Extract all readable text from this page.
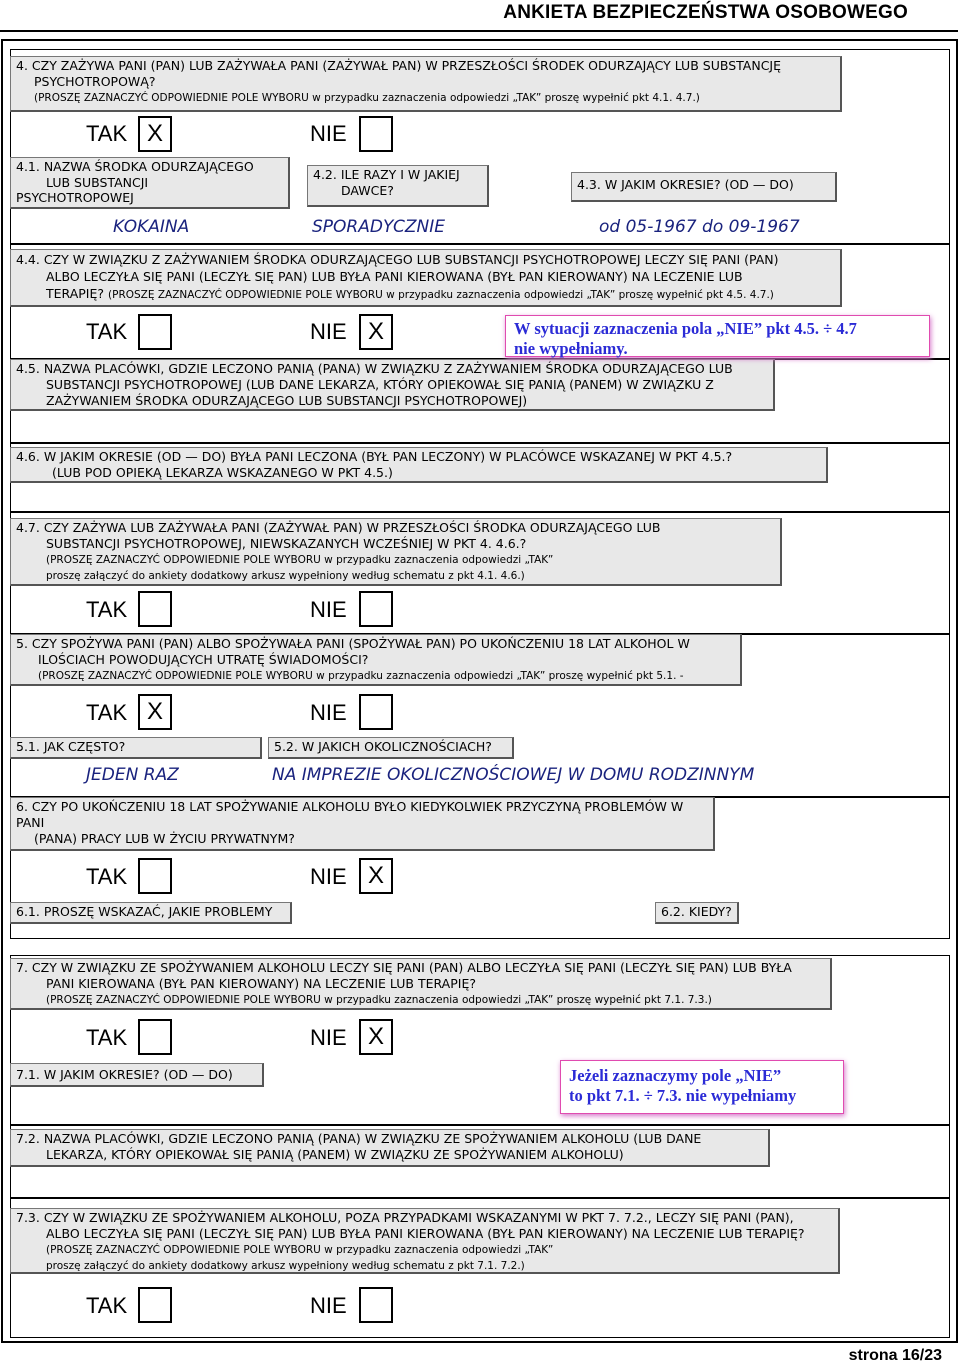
ANKIETA BEZPIECZEŃSTWA OSOBOWEGO
4. CZY ZAŻYWA PANI (PAN) LUB ZAŻYWAŁA PANI (ZAŻYWAŁ PAN) W PRZESZŁOŚCI ŚRODEK ODURZAJĄCY LUB SUBSTANCJĘ
PSYCHOTROPOWĄ?
(PROSZĘ ZAZNACZYĆ ODPOWIEDNIE POLE WYBORU w przypadku zaznaczenia odpowiedzi „TAK” proszę wypełnić pkt 4.1. 4.7.)
TAK X	NIE
4.1. NAZWA ŚRODKA ODURZAJĄCEGO
LUB SUBSTANCJI
PSYCHOTROPOWEJ
4.2. ILE RAZY I W JAKIEJ
DAWCE?	4.3. W JAKIM OKRESIE? (OD — DO)
KOKAINA	SPORADYCZNIE	od 05-1967 do 09-1967
4.4. CZY W ZWIĄZKU Z ZAŻYWANIEM ŚRODKA ODURZAJĄCEGO LUB SUBSTANCJI PSYCHOTROPOWEJ LECZY SIĘ PANI (PAN)
ALBO LECZYŁA SIĘ PANI (LECZYŁ SIĘ PAN) LUB BYŁA PANI KIEROWANA (BYŁ PAN KIEROWANY) NA LECZENIE LUB
TERAPIĘ? (PROSZĘ ZAZNACZYĆ ODPOWIEDNIE POLE WYBORU w przypadku zaznaczenia odpowiedzi „TAK” proszę wypełnić pkt 4.5. 4.7.)
TAK	NIE X
4.5. NAZWA PLACÓWKI, GDZIE LECZONO PANIĄ (PANA) W ZWIĄZKU Z ZAŻYWANIEM ŚRODKA ODURZAJĄCEGO LUB
SUBSTANCJI PSYCHOTROPOWEJ (LUB DANE LEKARZA, KTÓRY OPIEKOWAŁ SIĘ PANIĄ (PANEM) W ZWIĄZKU Z
ZAŻYWANIEM ŚRODKA ODURZAJĄCEGO LUB SUBSTANCJI PSYCHOTROPOWEJ)
W sytuacji zaznaczenia pola „NIE” pkt 4.5. ÷ 4.7
nie wypełniamy.
4.6. W JAKIM OKRESIE (OD — DO) BYŁA PANI LECZONA (BYŁ PAN LECZONY) W PLACÓWCE WSKAZANEJ W PKT 4.5.?
(LUB POD OPIEKĄ LEKARZA WSKAZANEGO W PKT 4.5.)
4.7. CZY ZAŻYWA LUB ZAŻYWAŁA PANI (ZAŻYWAŁ PAN) W PRZESZŁOŚCI ŚRODKA ODURZAJĄCEGO LUB
SUBSTANCJI PSYCHOTROPOWEJ, NIEWSKAZANYCH WCZEŚNIEJ W PKT 4. 4.6.?
(PROSZĘ ZAZNACZYĆ ODPOWIEDNIE POLE WYBORU w przypadku zaznaczenia odpowiedzi „TAK”
proszę załączyć do ankiety dodatkowy arkusz wypełniony według schematu z pkt 4.1. 4.6.)
TAK	NIE
5. CZY SPOŻYWA PANI (PAN) ALBO SPOŻYWAŁA PANI (SPOŻYWAŁ PAN) PO UKOŃCZENIU 18 LAT ALKOHOL W
ILOŚCIACH POWODUJĄCYCH UTRATĘ ŚWIADOMOŚCI?
(PROSZĘ ZAZNACZYĆ ODPOWIEDNIE POLE WYBORU w przypadku zaznaczenia odpowiedzi „TAK” proszę wypełnić pkt 5.1. -
TAK X	NIE
5.1. JAK CZĘSTO?	5.2. W JAKICH OKOLICZNOŚCIACH?
JEDEN RAZ	NA IMPREZIE OKOLICZNOŚCIOWEJ W DOMU RODZINNYM
6. CZY PO UKOŃCZENIU 18 LAT SPOŻYWANIE ALKOHOLU BYŁO KIEDYKOLWIEK PRZYCZYNĄ PROBLEMÓW W
PANI
(PANA) PRACY LUB W ŻYCIU PRYWATNYM?
TAK	NIE X
6.1. PROSZĘ WSKAZAĆ, JAKIE PROBLEMY	6.2. KIEDY?
7. CZY W ZWIĄZKU ZE SPOŻYWANIEM ALKOHOLU LECZY SIĘ PANI (PAN) ALBO LECZYŁA SIĘ PANI (LECZYŁ SIĘ PAN) LUB BYŁA
PANI KIEROWANA (BYŁ PAN KIEROWANY) NA LECZENIE LUB TERAPIĘ?
(PROSZĘ ZAZNACZYĆ ODPOWIEDNIE POLE WYBORU w przypadku zaznaczenia odpowiedzi „TAK” proszę wypełnić pkt 7.1. 7.3.)
TAK	NIE X
7.1. W JAKIM OKRESIE? (OD — DO)	Jeżeli zaznaczymy pole „NIE”
to pkt 7.1. ÷ 7.3. nie wypełniamy
7.2. NAZWA PLACÓWKI, GDZIE LECZONO PANIĄ (PANA) W ZWIĄZKU ZE SPOŻYWANIEM ALKOHOLU (LUB DANE
LEKARZA, KTÓRY OPIEKOWAŁ SIĘ PANIĄ (PANEM) W ZWIĄZKU ZE SPOŻYWANIEM ALKOHOLU)
7.3. CZY W ZWIĄZKU ZE SPOŻYWANIEM ALKOHOLU, POZA PRZYPADKAMI WSKAZANYMI W PKT 7. 7.2., LECZY SIĘ PANI (PAN),
ALBO LECZYŁA SIĘ PANI (LECZYŁ SIĘ PAN) LUB BYŁA PANI KIEROWANA (BYŁ PAN KIEROWANY) NA LECZENIE LUB TERAPIĘ?
(PROSZĘ ZAZNACZYĆ ODPOWIEDNIE POLE WYBORU w przypadku zaznaczenia odpowiedzi „TAK”
proszę załączyć do ankiety dodatkowy arkusz wypełniony według schematu z pkt 7.1. 7.2.)
TAK	NIE
strona 16/23
